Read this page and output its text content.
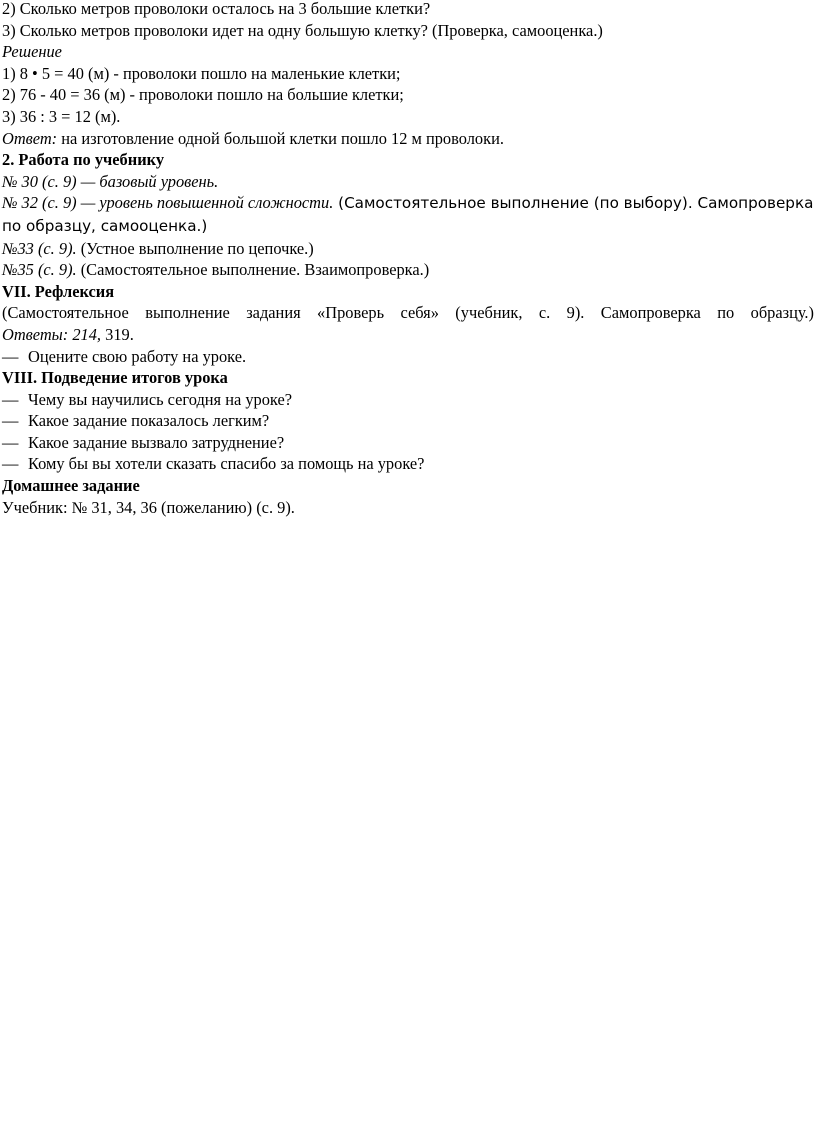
2) Сколько метров проволоки осталось на 3 большие клетки?
3) Сколько метров проволоки идет на одну большую клетку? (Проверка, самооценка.)
Решение
1) 8 • 5 = 40 (м) - проволоки пошло на маленькие клетки;
2) 76 - 40 = 36 (м) - проволоки пошло на большие клетки;
3) 36 : 3 = 12 (м).
Ответ: на изготовление одной большой клетки пошло 12 м проволоки.
2. Работа по учебнику
№ 30 (с. 9) — базовый уровень.
№ 32 (с. 9) — уровень повышенной сложности. (Самостоятельное выполнение (по выбору). Самопроверка по образцу, самооценка.)
№33 (с. 9). (Устное выполнение по цепочке.)
№35 (с. 9). (Самостоятельное выполнение. Взаимопроверка.)
VII. Рефлексия
(Самостоятельное выполнение задания «Проверь себя» (учебник, с. 9). Самопроверка по образцу.)
Ответы: 214, 319.
— Оцените свою работу на уроке.
VIII. Подведение итогов урока
— Чему вы научились сегодня на уроке?
— Какое задание показалось легким?
— Какое задание вызвало затруднение?
— Кому бы вы хотели сказать спасибо за помощь на уроке?
Домашнее задание
Учебник: № 31, 34, 36 (пожеланию) (с. 9).
